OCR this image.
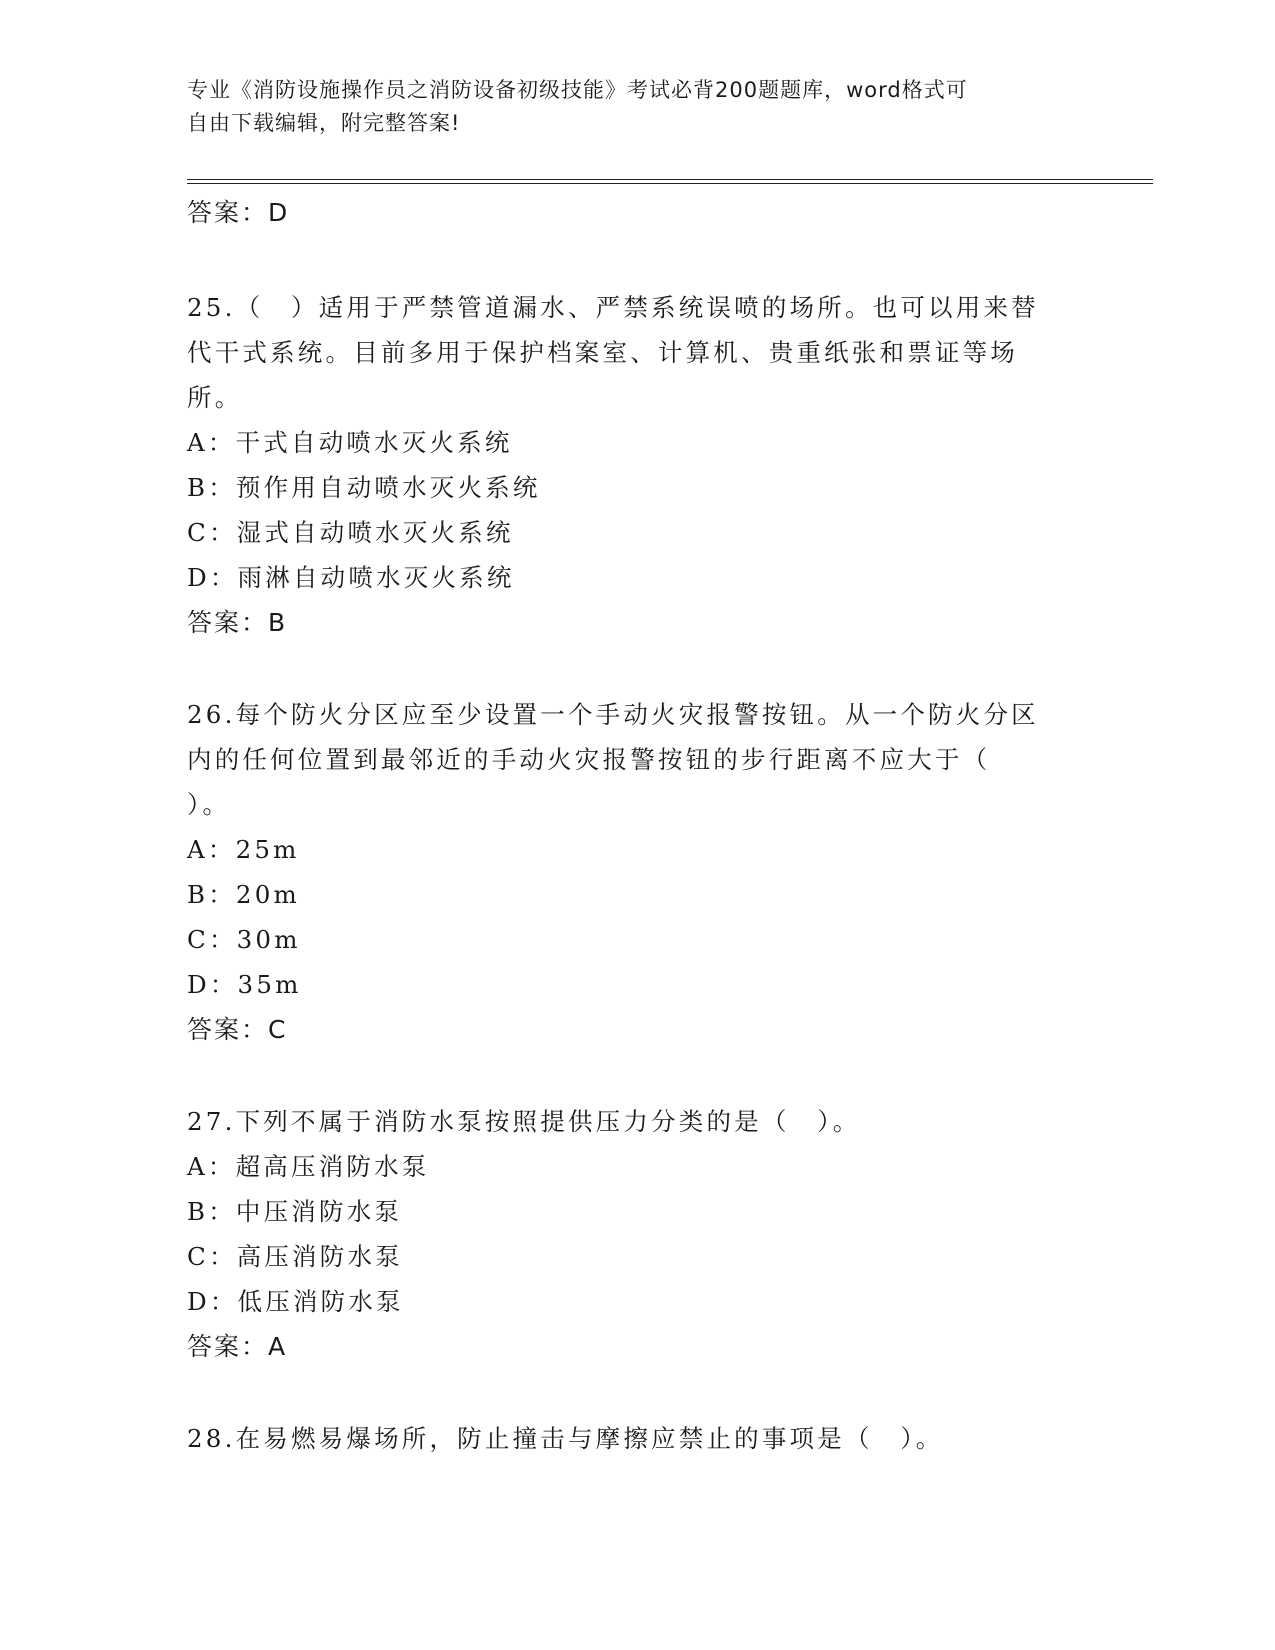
专业《消防设施操作员之消防设备初级技能》考试必背200题题库，word格式可
自由下载编辑，附完整答案!
答案：D
25.（　）适用于严禁管道漏水、严禁系统误喷的场所。也可以用来替
代干式系统。目前多用于保护档案室、计算机、贵重纸张和票证等场
所。
A：干式自动喷水灭火系统
B：预作用自动喷水灭火系统
C：湿式自动喷水灭火系统
D：雨淋自动喷水灭火系统
答案：B
26.每个防火分区应至少设置一个手动火灾报警按钮。从一个防火分区
内的任何位置到最邻近的手动火灾报警按钮的步行距离不应大于（
）。
A：25m
B：20m
C：30m
D：35m
答案：C
27.下列不属于消防水泵按照提供压力分类的是（　）。
A：超高压消防水泵
B：中压消防水泵
C：高压消防水泵
D：低压消防水泵
答案：A
28.在易燃易爆场所，防止撞击与摩擦应禁止的事项是（　）。
